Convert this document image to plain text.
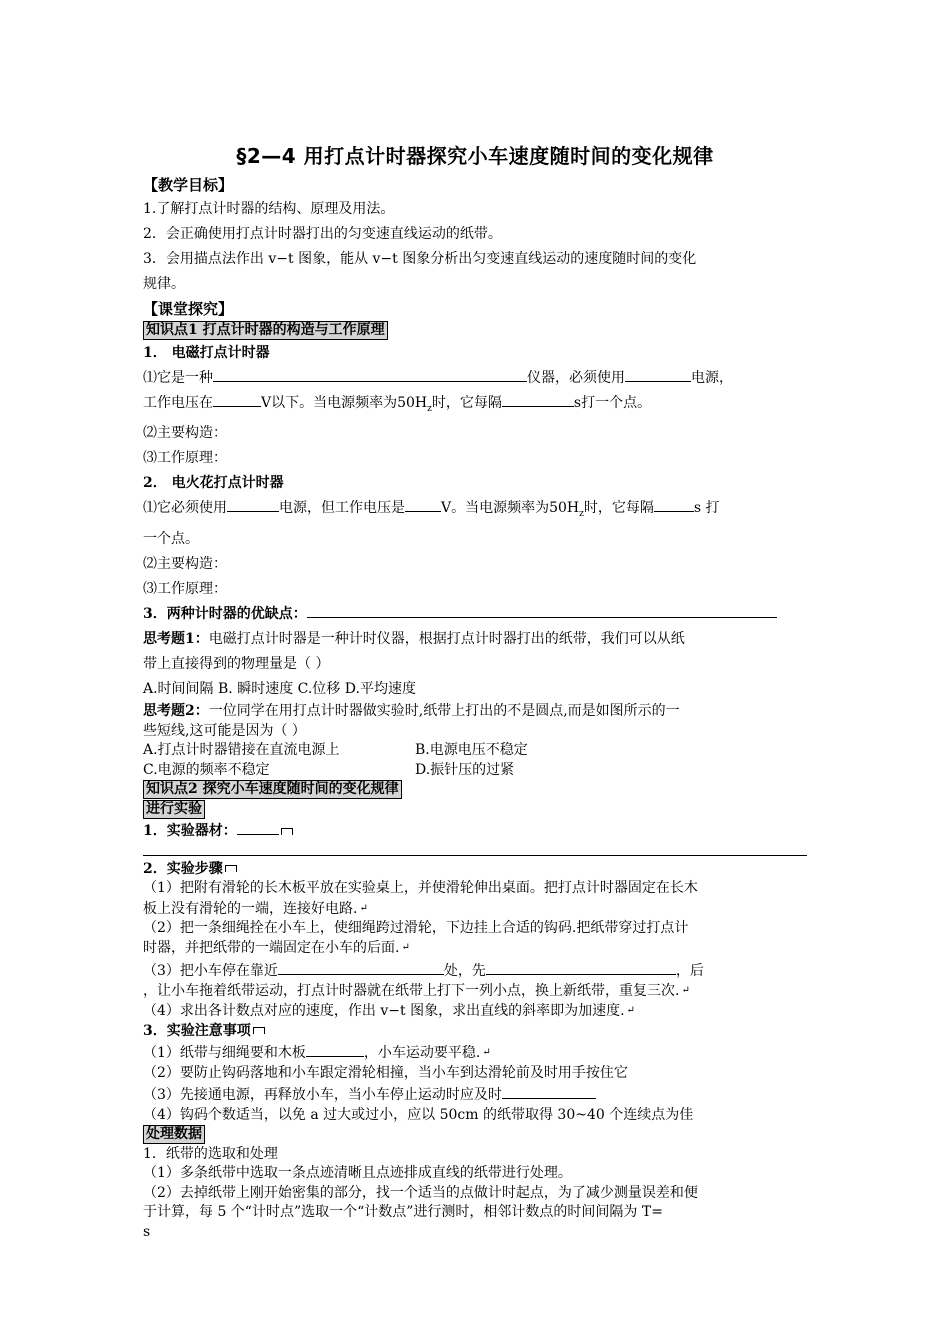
§2—4 用打点计时器探究小车速度随时间的变化规律
【教学目标】
1.了解打点计时器的结构、原理及用法。
2．会正确使用打点计时器打出的匀变速直线运动的纸带。
3．会用描点法作出 v−t 图象，能从 v−t 图象分析出匀变速直线运动的速度随时间的变化
规律。
【课堂探究】
知识点1 打点计时器的构造与工作原理
1． 电磁打点计时器
⑴它是一种	仪器，必须使用	电源，
工作电压在	V以下。当电源频率为$50H_z$时，它每隔	s打一个点。
⑵主要构造：
⑶工作原理：
2． 电火花打点计时器
⑴它必须使用	电源，但工作电压是	V。当电源频率为$50H_z$时，它每隔	s 打
一个点。
⑵主要构造：
⑶工作原理：
3．两种计时器的优缺点：
思考题1：电磁打点计时器是一种计时仪器，根据打点计时器打出的纸带，我们可以从纸
带上直接得到的物理量是（ ）
A.时间间隔 B. 瞬时速度 C.位移 D.平均速度
思考题2：一位同学在用打点计时器做实验时,纸带上打出的不是圆点,而是如图所示的一
些短线,这可能是因为（ ）
A.打点计时器错接在直流电源上	B.电源电压不稳定
C.电源的频率不稳定	D.振针压的过紧
知识点2 探究小车速度随时间的变化规律
进行实验
1．实验器材：
2．实验步骤
（1）把附有滑轮的长木板平放在实验桌上，并使滑轮伸出桌面。把打点计时器固定在长木
板上没有滑轮的一端，连接好电路. ↵
（2）把一条细绳拴在小车上，使细绳跨过滑轮，下边挂上合适的钩码.把纸带穿过打点计
时器，并把纸带的一端固定在小车的后面. ↵
（3）把小车停在靠近	处，先	，后
，让小车拖着纸带运动，打点计时器就在纸带上打下一列小点，换上新纸带，重复三次. ↵
（4）求出各计数点对应的速度，作出 v−t 图象，求出直线的斜率即为加速度. ↵
3．实验注意事项
（1）纸带与细绳要和木板	，小车运动要平稳. ↵
（2）要防止钩码落地和小车跟定滑轮相撞，当小车到达滑轮前及时用手按住它
（3）先接通电源，再释放小车，当小车停止运动时应及时
（4）钩码个数适当，以免 a 过大或过小，应以 50cm 的纸带取得 30~40 个连续点为佳
处理数据
1．纸带的选取和处理
（1）多条纸带中选取一条点迹清晰且点迹排成直线的纸带进行处理。
（2）去掉纸带上刚开始密集的部分，找一个适当的点做计时起点，为了减少测量误差和便
于计算，每 5 个“计时点”选取一个“计数点”进行测时，相邻计数点的时间间隔为 T=
s
